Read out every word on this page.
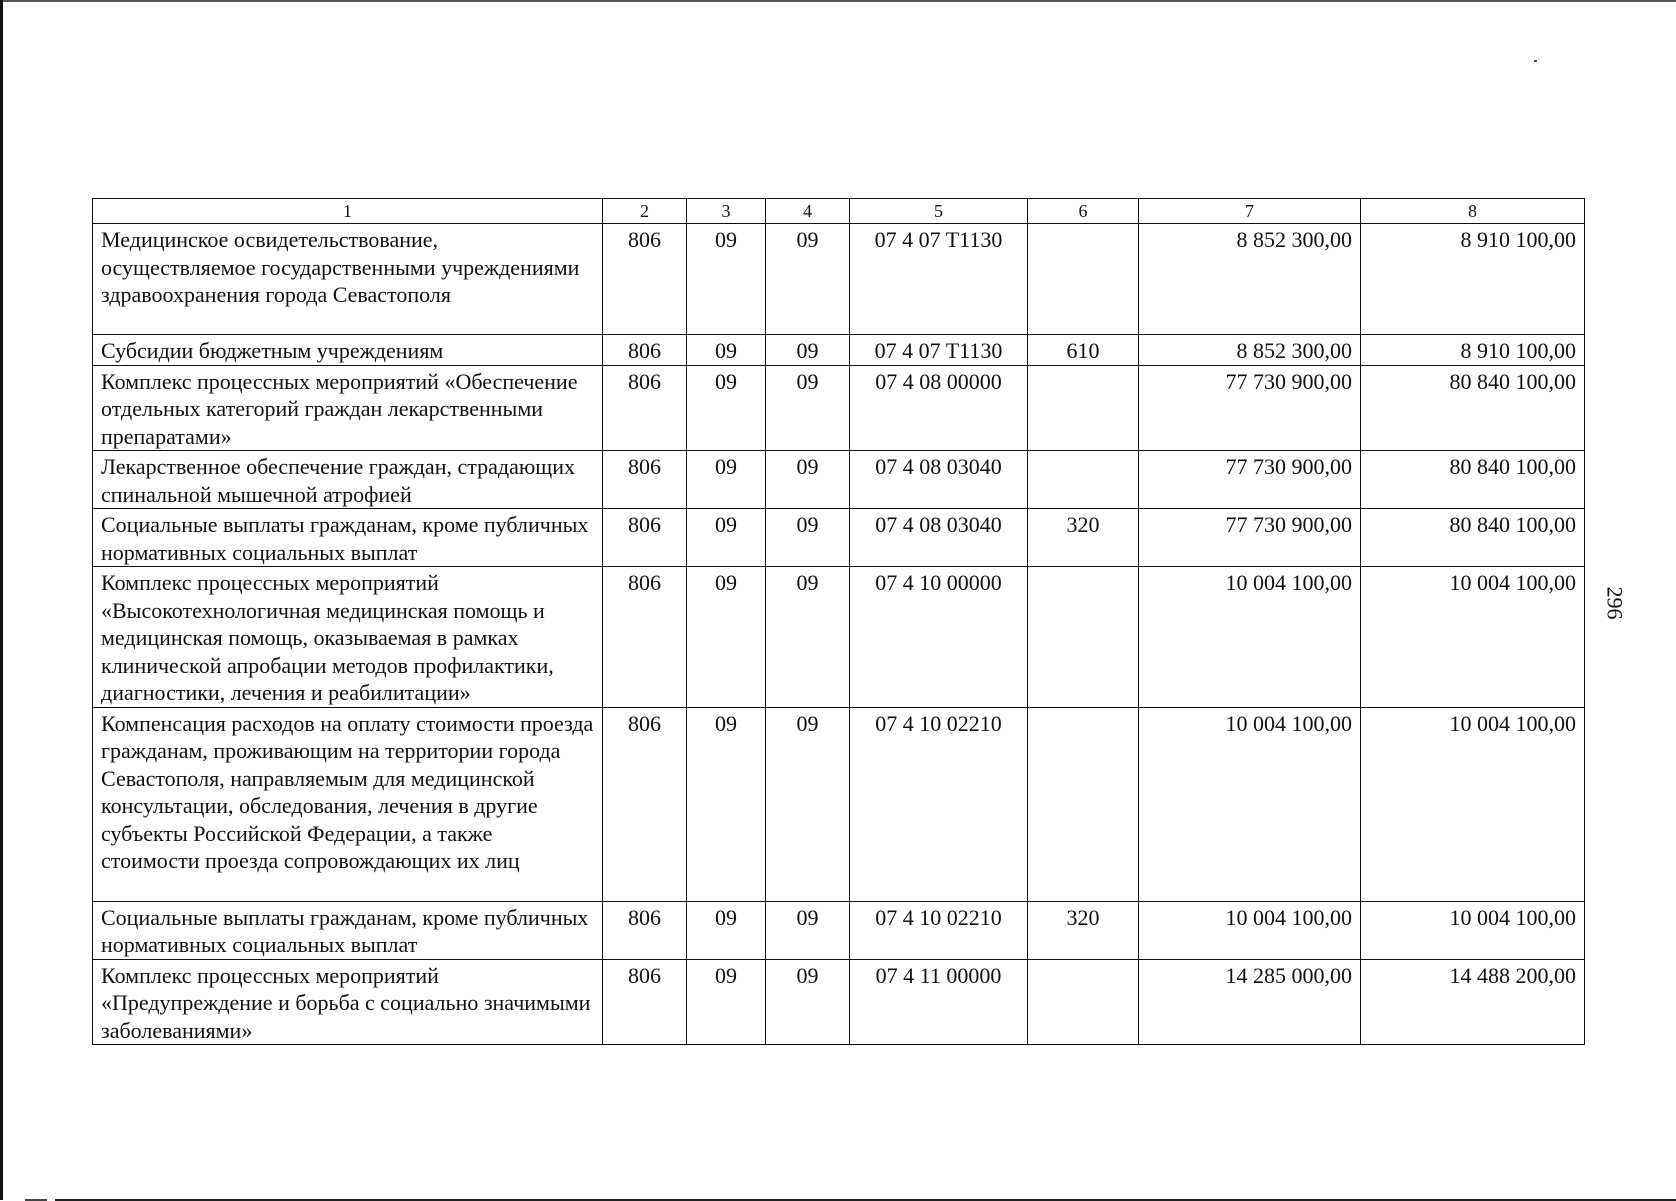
296
1	2	3	4	5	6	7	8
Медицинское освидетельствование, осуществляемое государственными учреждениями здравоохранения города Севастополя	806	09	09	07 4 07 T1130		8 852 300,00	8 910 100,00
Субсидии бюджетным учреждениям	806	09	09	07 4 07 T1130	610	8 852 300,00	8 910 100,00
Комплекс процессных мероприятий «Обеспечение отдельных категорий граждан лекарственными препаратами»	806	09	09	07 4 08 00000		77 730 900,00	80 840 100,00
Лекарственное обеспечение граждан, страдающих спинальной мышечной атрофией	806	09	09	07 4 08 03040		77 730 900,00	80 840 100,00
Социальные выплаты гражданам, кроме публичных нормативных социальных выплат	806	09	09	07 4 08 03040	320	77 730 900,00	80 840 100,00
Комплекс процессных мероприятий «Высокотехнологичная медицинская помощь и медицинская помощь, оказываемая в рамках клинической апробации методов профилактики, диагностики, лечения и реабилитации»	806	09	09	07 4 10 00000		10 004 100,00	10 004 100,00
Компенсация расходов на оплату стоимости проезда гражданам, проживающим на территории города Севастополя, направляемым для медицинской консультации, обследования, лечения в другие субъекты Российской Федерации, а также стоимости проезда сопровождающих их лиц	806	09	09	07 4 10 02210		10 004 100,00	10 004 100,00
Социальные выплаты гражданам, кроме публичных нормативных социальных выплат	806	09	09	07 4 10 02210	320	10 004 100,00	10 004 100,00
Комплекс процессных мероприятий «Предупреждение и борьба с социально значимыми заболеваниями»	806	09	09	07 4 11 00000		14 285 000,00	14 488 200,00
